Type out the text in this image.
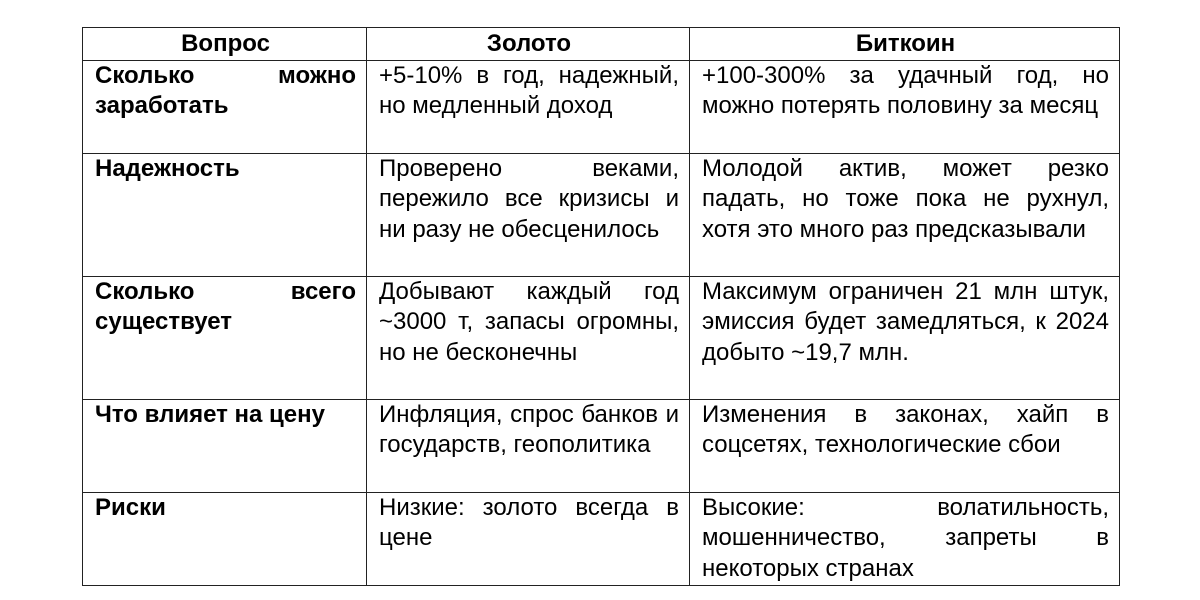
Вопрос	Золото	Биткоин
Сколько можно заработать	+5-10% в год, надежный, но медленный доход	+100-300% за удачный год, но можно потерять половину за месяц
Надежность	Проверено веками, пережило все кризисы и ни разу не обесценилось	Молодой актив, может резко падать, но тоже пока не рухнул, хотя это много раз предсказывали
Сколько всего существует	Добывают каждый год ~3000 т, запасы огромны, но не бесконечны	Максимум ограничен 21 млн штук, эмиссия будет замедляться, к 2024 добыто ~19,7 млн.
Что влияет на цену	Инфляция, спрос банков и государств, геополитика	Изменения в законах, хайп в соцсетях, технологические сбои
Риски	Низкие: золото всегда в цене	Высокие: волатильность, мошенничество, запреты в некоторых странах
